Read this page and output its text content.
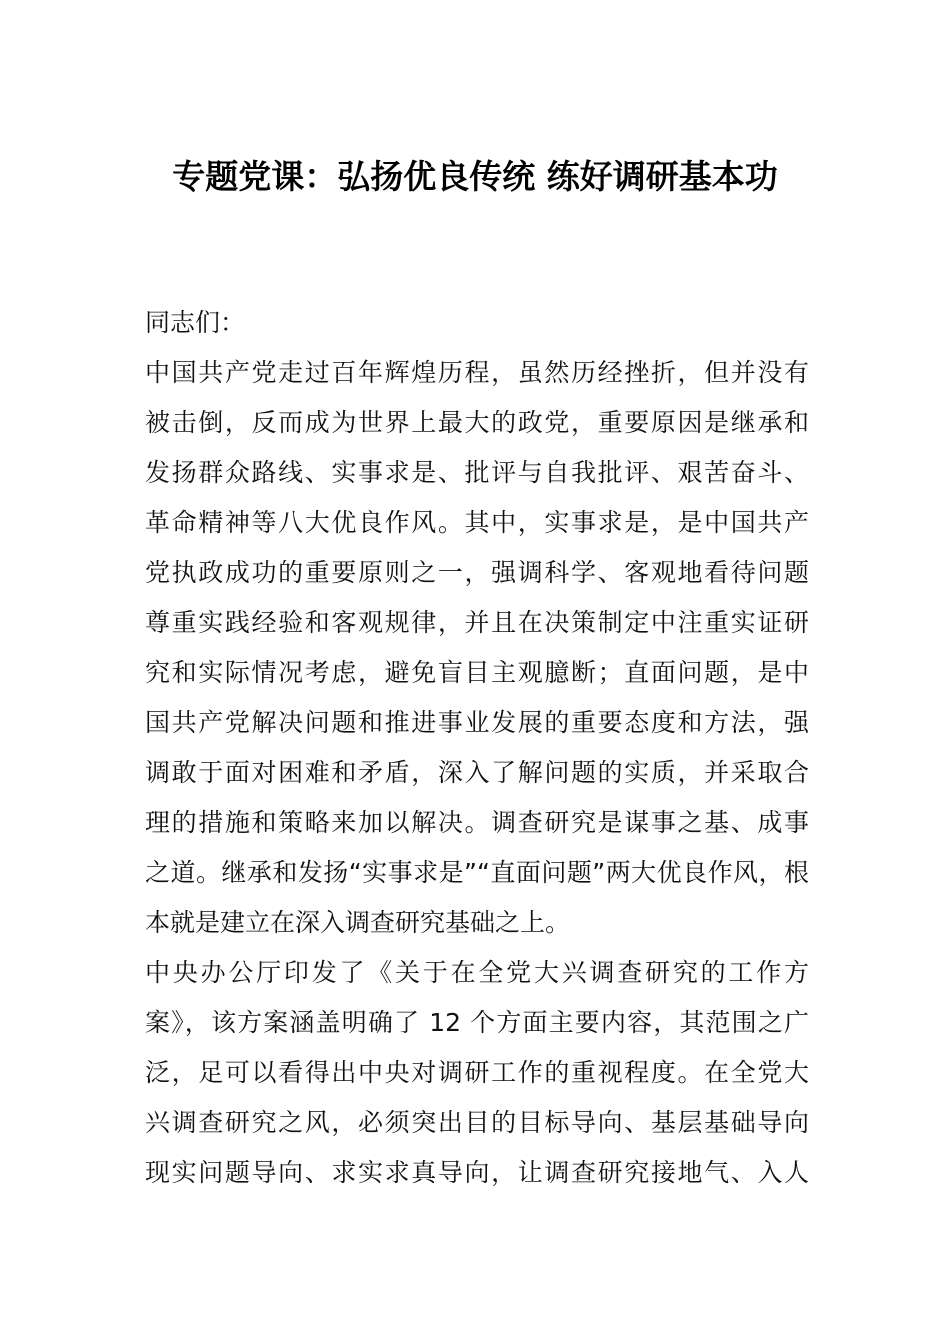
专题党课：弘扬优良传统 练好调研基本功

同志们：

中国共产党走过百年辉煌历程，虽然历经挫折，但并没有
被击倒，反而成为世界上最大的政党，重要原因是继承和
发扬群众路线、实事求是、批评与自我批评、艰苦奋斗、
革命精神等八大优良作风。其中，实事求是，是中国共产
党执政成功的重要原则之一，强调科学、客观地看待问题
尊重实践经验和客观规律，并且在决策制定中注重实证研
究和实际情况考虑，避免盲目主观臆断；直面问题，是中
国共产党解决问题和推进事业发展的重要态度和方法，强
调敢于面对困难和矛盾，深入了解问题的实质，并采取合
理的措施和策略来加以解决。调查研究是谋事之基、成事
之道。继承和发扬“实事求是”“直面问题”两大优良作风，根
本就是建立在深入调查研究基础之上。

中央办公厅印发了《关于在全党大兴调查研究的工作方
案》，该方案涵盖明确了 12 个方面主要内容，其范围之广
泛，足可以看得出中央对调研工作的重视程度。在全党大
兴调查研究之风，必须突出目的目标导向、基层基础导向
现实问题导向、求实求真导向，让调查研究接地气、入人
